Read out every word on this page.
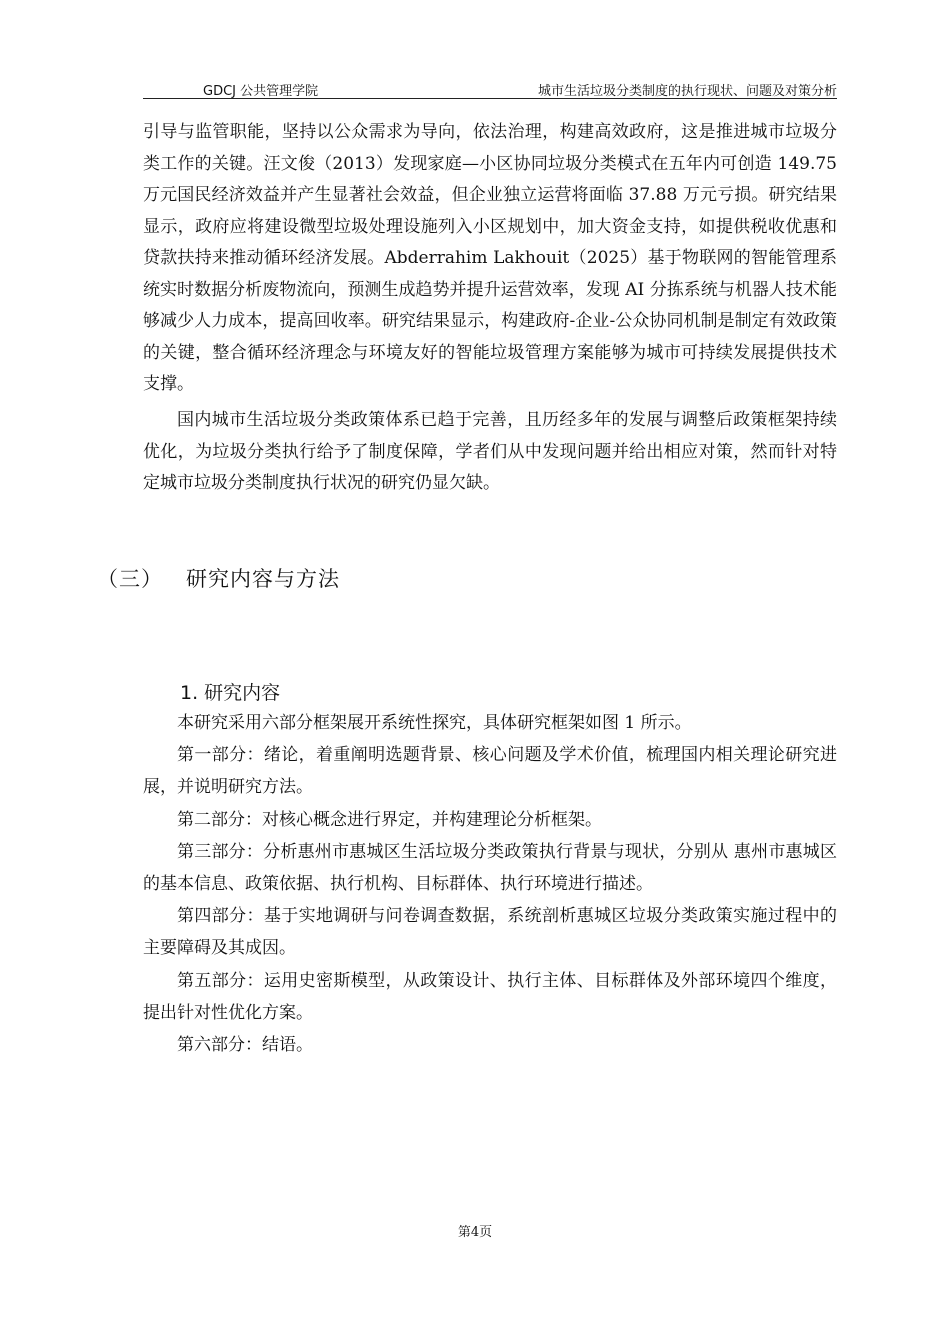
GDCJ 公共管理学院	城市生活垃圾分类制度的执行现状、问题及对策分析

引导与监管职能，坚持以公众需求为导向，依法治理，构建高效政府，这是推进城市垃圾分类工作的关键。汪文俊（2013）发现家庭—小区协同垃圾分类模式在五年内可创造 149.75 万元国民经济效益并产生显著社会效益，但企业独立运营将面临 37.88 万元亏损。研究结果显示，政府应将建设微型垃圾处理设施列入小区规划中，加大资金支持，如提供税收优惠和贷款扶持来推动循环经济发展。Abderrahim Lakhouit（2025）基于物联网的智能管理系统实时数据分析废物流向，预测生成趋势并提升运营效率，发现 AI 分拣系统与机器人技术能够减少人力成本，提高回收率。研究结果显示，构建政府-企业-公众协同机制是制定有效政策的关键，整合循环经济理念与环境友好的智能垃圾管理方案能够为城市可持续发展提供技术支撑。

国内城市生活垃圾分类政策体系已趋于完善，且历经多年的发展与调整后政策框架持续优化，为垃圾分类执行给予了制度保障，学者们从中发现问题并给出相应对策，然而针对特定城市垃圾分类制度执行状况的研究仍显欠缺。

（三）   研究内容与方法
1. 研究内容

本研究采用六部分框架展开系统性探究，具体研究框架如图 1 所示。

第一部分：绪论，着重阐明选题背景、核心问题及学术价值，梳理国内相关理论研究进展，并说明研究方法。

第二部分：对核心概念进行界定，并构建理论分析框架。

第三部分：分析惠州市惠城区生活垃圾分类政策执行背景与现状，分别从 惠州市惠城区的基本信息、政策依据、执行机构、目标群体、执行环境进行描述。

第四部分：基于实地调研与问卷调查数据，系统剖析惠城区垃圾分类政策实施过程中的主要障碍及其成因。

第五部分：运用史密斯模型，从政策设计、执行主体、目标群体及外部环境四个维度，提出针对性优化方案。

第六部分：结语。

第4页
